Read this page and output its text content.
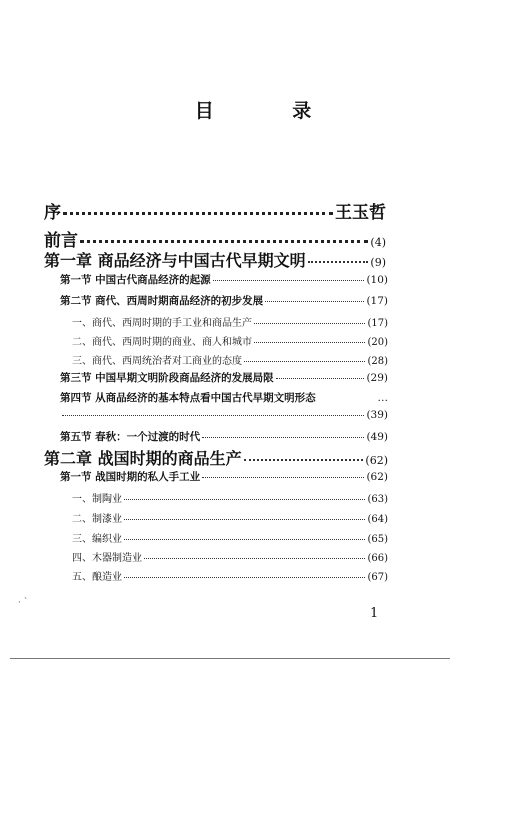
目 录
序	王玉哲
前言	(4)
第一章 商品经济与中国古代早期文明	(9)
第一节 中国古代商品经济的起源	(10)
第二节 商代、西周时期商品经济的初步发展	(17)
一、商代、西周时期的手工业和商品生产	(17)
二、商代、西周时期的商业、商人和城市	(20)
三、商代、西周统治者对工商业的态度	(28)
第三节 中国早期文明阶段商品经济的发展局限	(29)
第四节 从商品经济的基本特点看中国古代早期文明形态	…
(39)
第五节 春秋：一个过渡的时代	(49)
第二章 战国时期的商品生产	(62)
第一节 战国时期的私人手工业	(62)
一、制陶业	(63)
二、制漆业	(64)
三、编织业	(65)
四、木器制造业	(66)
五、酿造业	(67)
· `
1
